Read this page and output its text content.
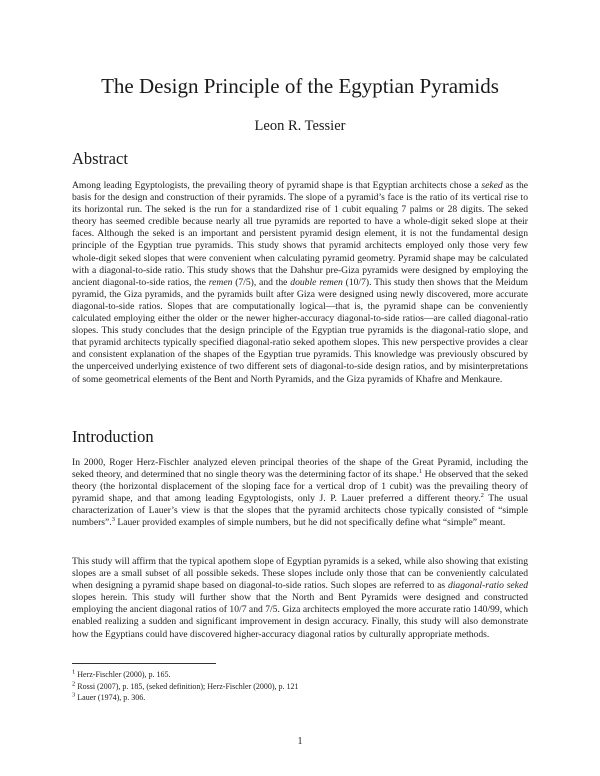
The Design Principle of the Egyptian Pyramids
Leon R. Tessier
Abstract

Among leading Egyptologists, the prevailing theory of pyramid shape is that Egyptian architects chose a seked as the basis for the design and construction of their pyramids. The slope of a pyramid’s face is the ratio of its vertical rise to its horizontal run. The seked is the run for a standardized rise of 1 cubit equaling 7 palms or 28 digits. The seked theory has seemed credible because nearly all true pyramids are reported to have a whole-digit seked slope at their faces. Although the seked is an important and persistent pyramid design element, it is not the fundamental design principle of the Egyptian true pyramids. This study shows that pyramid architects employed only those very few whole-digit seked slopes that were convenient when calculating pyramid geometry. Pyramid shape may be calculated with a diagonal-to-side ratio. This study shows that the Dahshur pre-Giza pyramids were designed by employing the ancient diagonal-to-side ratios, the remen (7/5), and the double remen (10/7). This study then shows that the Meidum pyramid, the Giza pyramids, and the pyramids built after Giza were designed using newly discovered, more accurate diagonal-to-side ratios. Slopes that are computationally logical—that is, the pyramid shape can be conveniently calculated employing either the older or the newer higher-accuracy diagonal-to-side ratios—are called diagonal-ratio slopes. This study concludes that the design principle of the Egyptian true pyramids is the diagonal-ratio slope, and that pyramid architects typically specified diagonal-ratio seked apothem slopes. This new perspective provides a clear and consistent explanation of the shapes of the Egyptian true pyramids. This knowledge was previously obscured by the unperceived underlying existence of two different sets of diagonal-to-side design ratios, and by misinterpretations of some geometrical elements of the Bent and North Pyramids, and the Giza pyramids of Khafre and Menkaure.

Introduction

In 2000, Roger Herz-Fischler analyzed eleven principal theories of the shape of the Great Pyramid, including the seked theory, and determined that no single theory was the determining factor of its shape.$^1$ He observed that the seked theory (the horizontal displacement of the sloping face for a vertical drop of 1 cubit) was the prevailing theory of pyramid shape, and that among leading Egyptologists, only J. P. Lauer preferred a different theory.$^2$ The usual characterization of Lauer’s view is that the slopes that the pyramid architects chose typically consisted of “simple numbers”.$^3$ Lauer provided examples of simple numbers, but he did not specifically define what “simple” meant.

This study will affirm that the typical apothem slope of Egyptian pyramids is a seked, while also showing that existing slopes are a small subset of all possible sekeds. These slopes include only those that can be conveniently calculated when designing a pyramid shape based on diagonal-to-side ratios. Such slopes are referred to as diagonal-ratio seked slopes herein. This study will further show that the North and Bent Pyramids were designed and constructed employing the ancient diagonal ratios of 10/7 and 7/5. Giza architects employed the more accurate ratio 140/99, which enabled realizing a sudden and significant improvement in design accuracy. Finally, this study will also demonstrate how the Egyptians could have discovered higher-accuracy diagonal ratios by culturally appropriate methods.

$^1$ Herz-Fischler (2000), p. 165.

$^2$ Rossi (2007), p. 185, (seked definition); Herz-Fischler (2000), p. 121

$^3$ Lauer (1974), p. 306.

1
